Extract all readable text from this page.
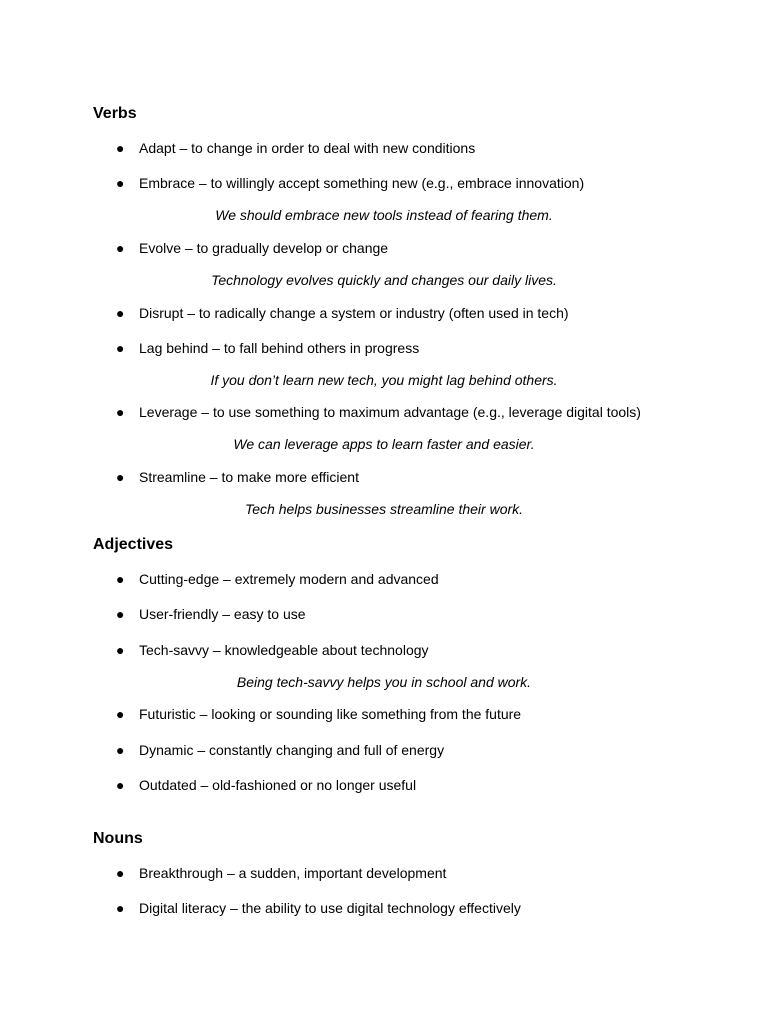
Verbs
●	Adapt – to change in order to deal with new conditions
●	Embrace – to willingly accept something new (e.g., embrace innovation)
We should embrace new tools instead of fearing them.
●	Evolve – to gradually develop or change
Technology evolves quickly and changes our daily lives.
●	Disrupt – to radically change a system or industry (often used in tech)
●	Lag behind – to fall behind others in progress
If you don’t learn new tech, you might lag behind others.
●	Leverage – to use something to maximum advantage (e.g., leverage digital tools)
We can leverage apps to learn faster and easier.
●	Streamline – to make more efficient
Tech helps businesses streamline their work.
Adjectives
●	Cutting-edge – extremely modern and advanced
●	User-friendly – easy to use
●	Tech-savvy – knowledgeable about technology
Being tech-savvy helps you in school and work.
●	Futuristic – looking or sounding like something from the future
●	Dynamic – constantly changing and full of energy
●	Outdated – old-fashioned or no longer useful
Nouns
●	Breakthrough – a sudden, important development
●	Digital literacy – the ability to use digital technology effectively
